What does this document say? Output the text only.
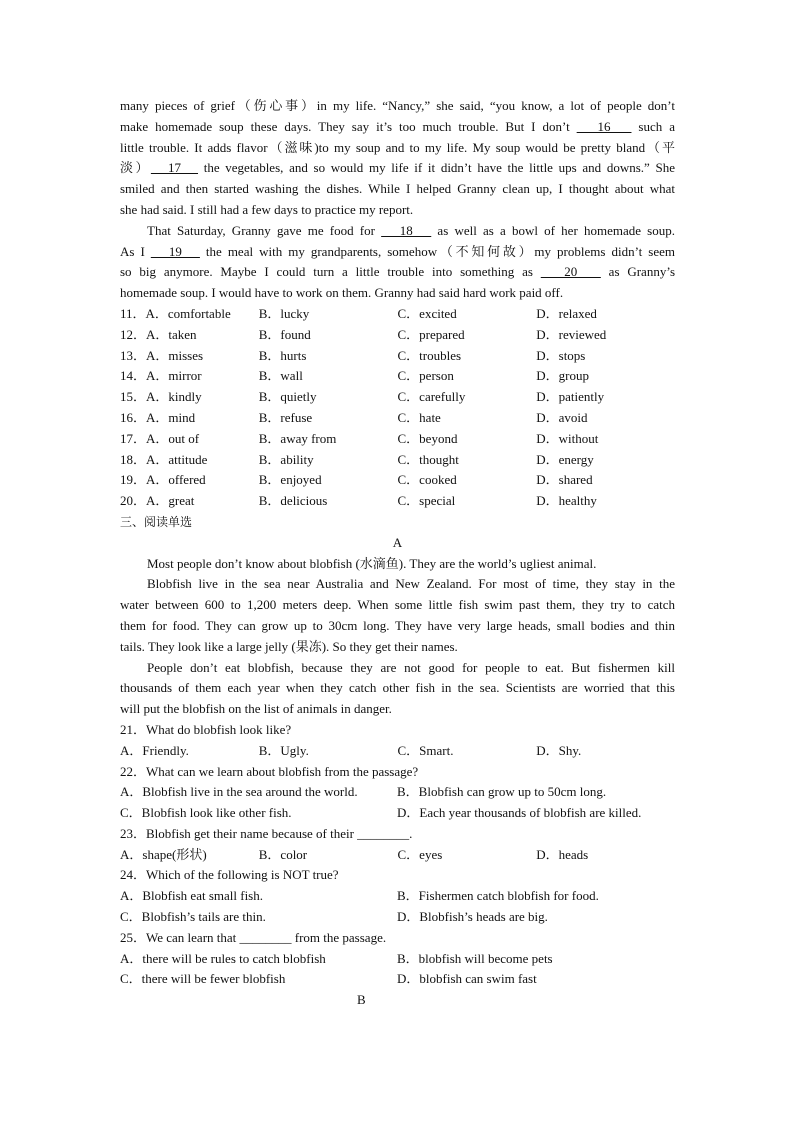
many pieces of grief（伤心事）in my life. “Nancy,” she said, “you know, a lot of people don’t
make homemade soup these days. They say it’s too much trouble. But I don’t    16    such a
little trouble. It adds flavor（滋味)to my soup and to my life. My soup would be pretty bland（平
淡）   17    the vegetables, and so would my life if it didn’t have the little ups and downs.” She
smiled and then started washing the dishes. While I helped Granny clean up, I thought about what
she had said. I still had a few days to practice my report.
That Saturday, Granny gave me food for    18    as well as a bowl of her homemade soup.
As I    19    the meal with my grandparents, somehow（不知何故）my problems didn’t seem
so big anymore. Maybe I could turn a little trouble into something as    20    as Granny’s
homemade soup. I would have to work on them. Granny had said hard work paid off.
11．A．comfortable	B．lucky	C．excited	D．relaxed
12．A．taken	B．found	C．prepared	D．reviewed
13．A．misses	B．hurts	C．troubles	D．stops
14．A．mirror	B．wall	C．person	D．group
15．A．kindly	B．quietly	C．carefully	D．patiently
16．A．mind	B．refuse	C．hate	D．avoid
17．A．out of	B．away from	C．beyond	D．without
18．A．attitude	B．ability	C．thought	D．energy
19．A．offered	B．enjoyed	C．cooked	D．shared
20．A．great	B．delicious	C．special	D．healthy
三、阅读单选
A
Most people don’t know about blobfish (水滴鱼). They are the world’s ugliest animal.
Blobfish live in the sea near Australia and New Zealand. For most of time, they stay in the
water between 600 to 1,200 meters deep. When some little fish swim past them, they try to catch
them for food. They can grow up to 30cm long. They have very large heads, small bodies and thin
tails. They look like a large jelly (果冻). So they get their names.
People don’t eat blobfish, because they are not good for people to eat. But fishermen kill
thousands of them each year when they catch other fish in the sea. Scientists are worried that this
will put the blobfish on the list of animals in danger.
21．What do blobfish look like?
A．Friendly.	B．Ugly.	C．Smart.	D．Shy.
22．What can we learn about blobfish from the passage?
A．Blobfish live in the sea around the world.	B．Blobfish can grow up to 50cm long.
C．Blobfish look like other fish.	D．Each year thousands of blobfish are killed.
23．Blobfish get their name because of their ________.
A．shape(形状)	B．color	C．eyes	D．heads
24．Which of the following is NOT true?
A．Blobfish eat small fish.	B．Fishermen catch blobfish for food.
C．Blobfish’s tails are thin.	D．Blobfish’s heads are big.
25．We can learn that ________ from the passage.
A．there will be rules to catch blobfish	B．blobfish will become pets
C．there will be fewer blobfish	D．blobfish can swim fast
B
